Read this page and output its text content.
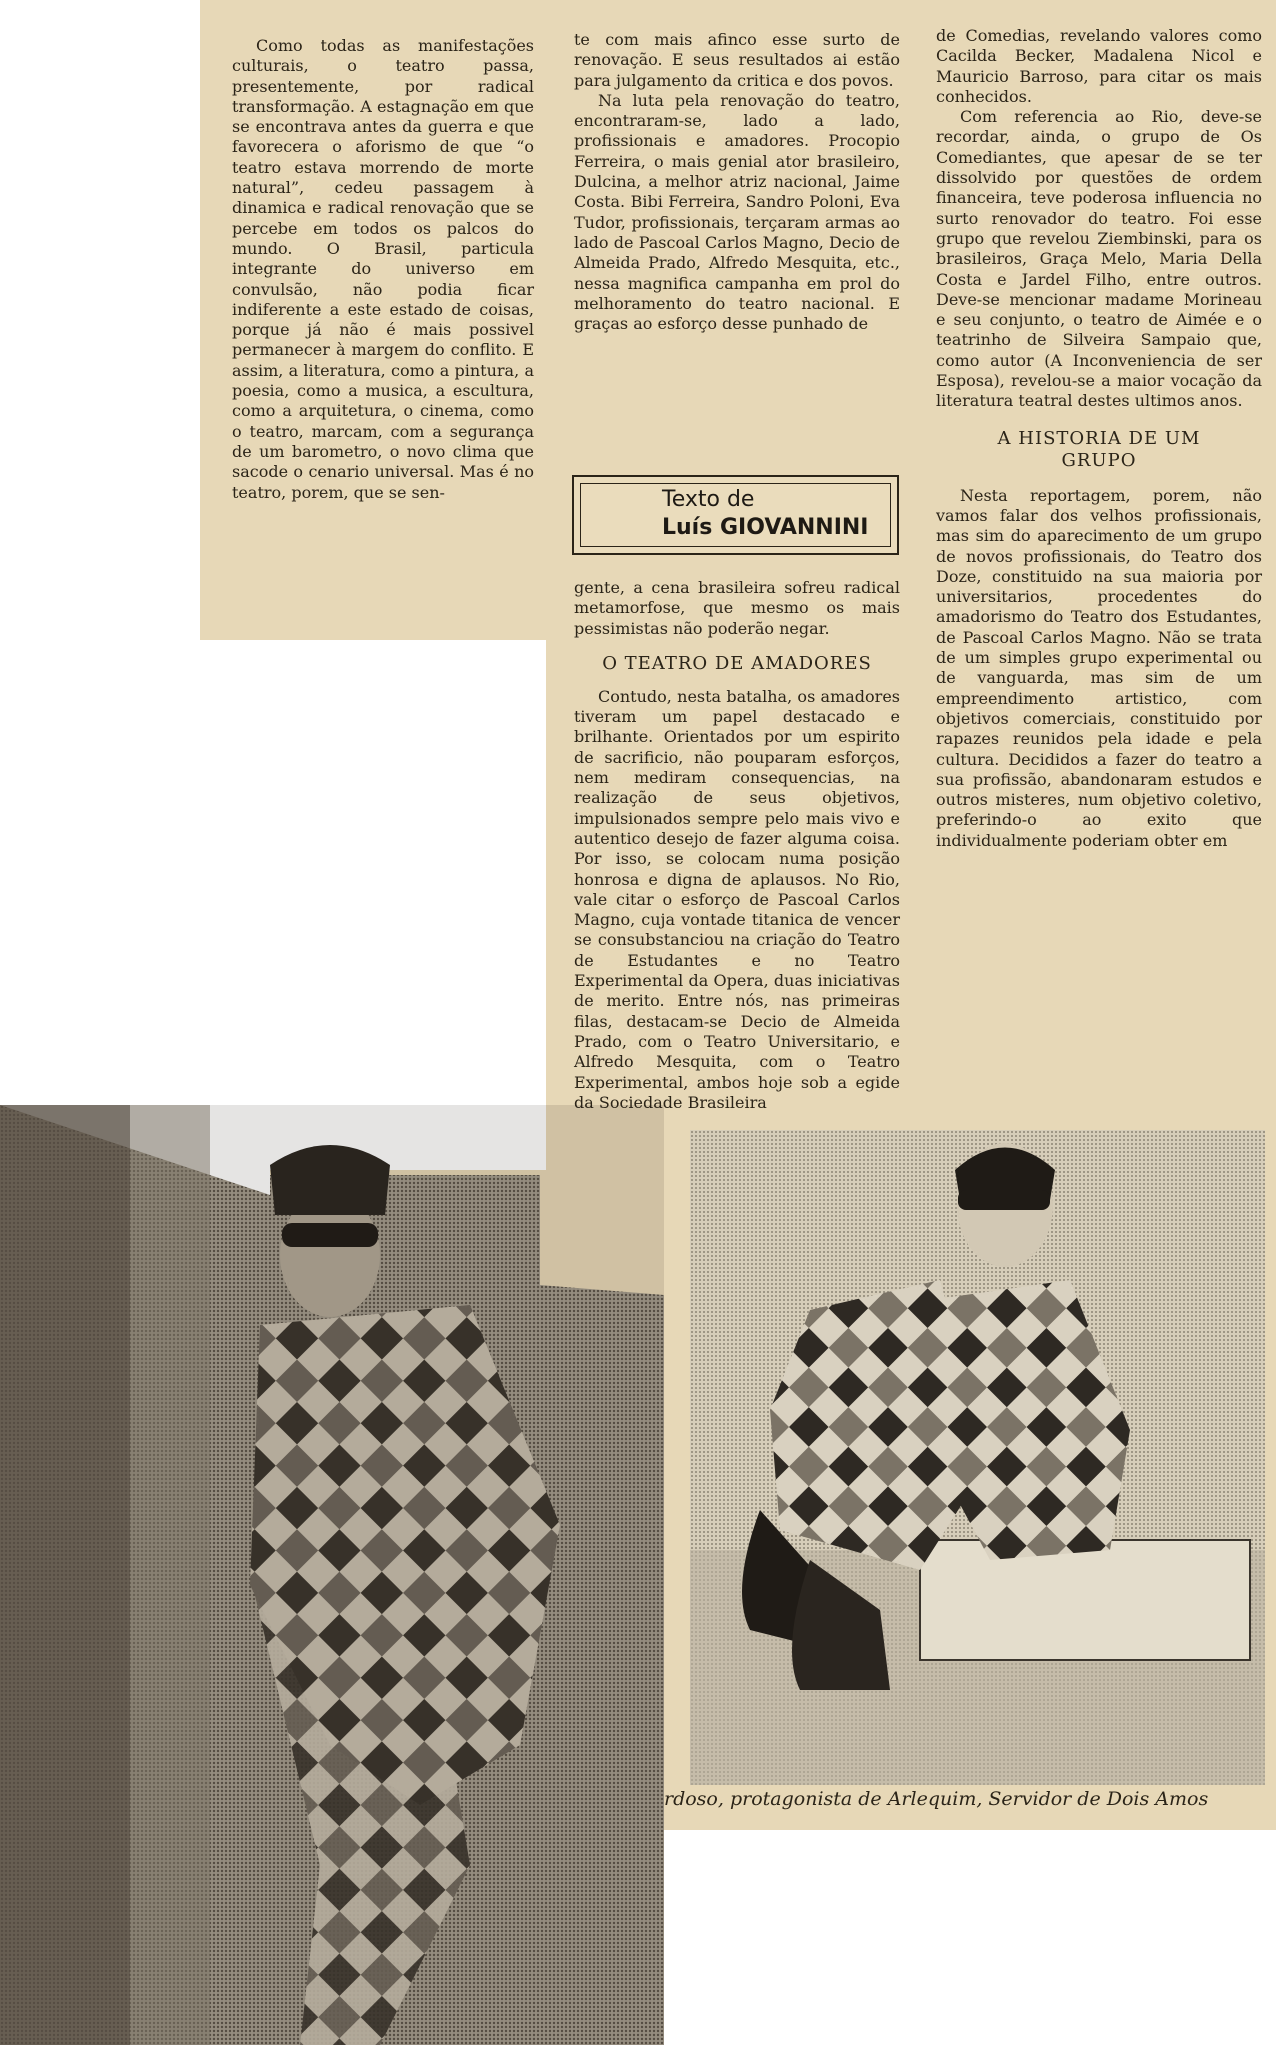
Como todas as manifestações culturais, o teatro passa, presentemente, por radical transformação. A estagnação em que se encontrava antes da guerra e que favorecera o aforismo de que “o teatro estava morrendo de morte natural”, cedeu passagem à dinamica e radical renovação que se percebe em todos os palcos do mundo. O Brasil, particula integrante do universo em convulsão, não podia ficar indiferente a este estado de coisas, porque já não é mais possivel permanecer à margem do conflito. E assim, a literatura, como a pintura, a poesia, como a musica, a escultura, como a arquitetura, o cinema, como o teatro, marcam, com a segurança de um barometro, o novo clima que sacode o cenario universal. Mas é no teatro, porem, que se sen-

te com mais afinco esse surto de renovação. E seus resultados ai estão para julgamento da critica e dos povos.

Na luta pela renovação do teatro, encontraram-se, lado a lado, profissionais e amadores. Procopio Ferreira, o mais genial ator brasileiro, Dulcina, a melhor atriz nacional, Jaime Costa. Bibi Ferreira, Sandro Poloni, Eva Tudor, profissionais, terçaram armas ao lado de Pascoal Carlos Magno, Decio de Almeida Prado, Alfredo Mesquita, etc., nessa magnifica campanha em prol do melhoramento do teatro nacional. E graças ao esforço desse punhado de

Texto de
Luís GIOVANNINI

gente, a cena brasileira sofreu radical metamorfose, que mesmo os mais pessimistas não poderão negar.

O TEATRO DE AMADORES

Contudo, nesta batalha, os amadores tiveram um papel destacado e brilhante. Orientados por um espirito de sacrificio, não pouparam esforços, nem mediram consequencias, na realização de seus objetivos, impulsionados sempre pelo mais vivo e autentico desejo de fazer alguma coisa. Por isso, se colocam numa posição honrosa e digna de aplausos. No Rio, vale citar o esforço de Pascoal Carlos Magno, cuja vontade titanica de vencer se consubstanciou na criação do Teatro de Estudantes e no Teatro Experimental da Opera, duas iniciativas de merito. Entre nós, nas primeiras filas, destacam-se Decio de Almeida Prado, com o Teatro Universitario, e Alfredo Mesquita, com o Teatro Experimental, ambos hoje sob a egide da Sociedade Brasileira

de Comedias, revelando valores como Cacilda Becker, Madalena Nicol e Mauricio Barroso, para citar os mais conhecidos.

Com referencia ao Rio, deve-se recordar, ainda, o grupo de Os Comediantes, que apesar de se ter dissolvido por questões de ordem financeira, teve poderosa influencia no surto renovador do teatro. Foi esse grupo que revelou Ziembinski, para os brasileiros, Graça Melo, Maria Della Costa e Jardel Filho, entre outros. Deve-se mencionar madame Morineau e seu conjunto, o teatro de Aimée e o teatrinho de Silveira Sampaio que, como autor (A Inconveniencia de ser Esposa), revelou-se a maior vocação da literatura teatral destes ultimos anos.

A HISTORIA DE UM GRUPO

Nesta reportagem, porem, não vamos falar dos velhos profissionais, mas sim do aparecimento de um grupo de novos profissionais, do Teatro dos Doze, constituido na sua maioria por universitarios, procedentes do amadorismo do Teatro dos Estudantes, de Pascoal Carlos Magno. Não se trata de um simples grupo experimental ou de vanguarda, mas sim de um empreendimento artistico, com objetivos comerciais, constituido por rapazes reunidos pela idade e pela cultura. Decididos a fazer do teatro a sua profissão, abandonaram estudos e outros misteres, num objetivo coletivo, preferindo-o ao exito que individualmente poderiam obter em

rdoso, protagonista de Arlequim, Servidor de Dois Amos
